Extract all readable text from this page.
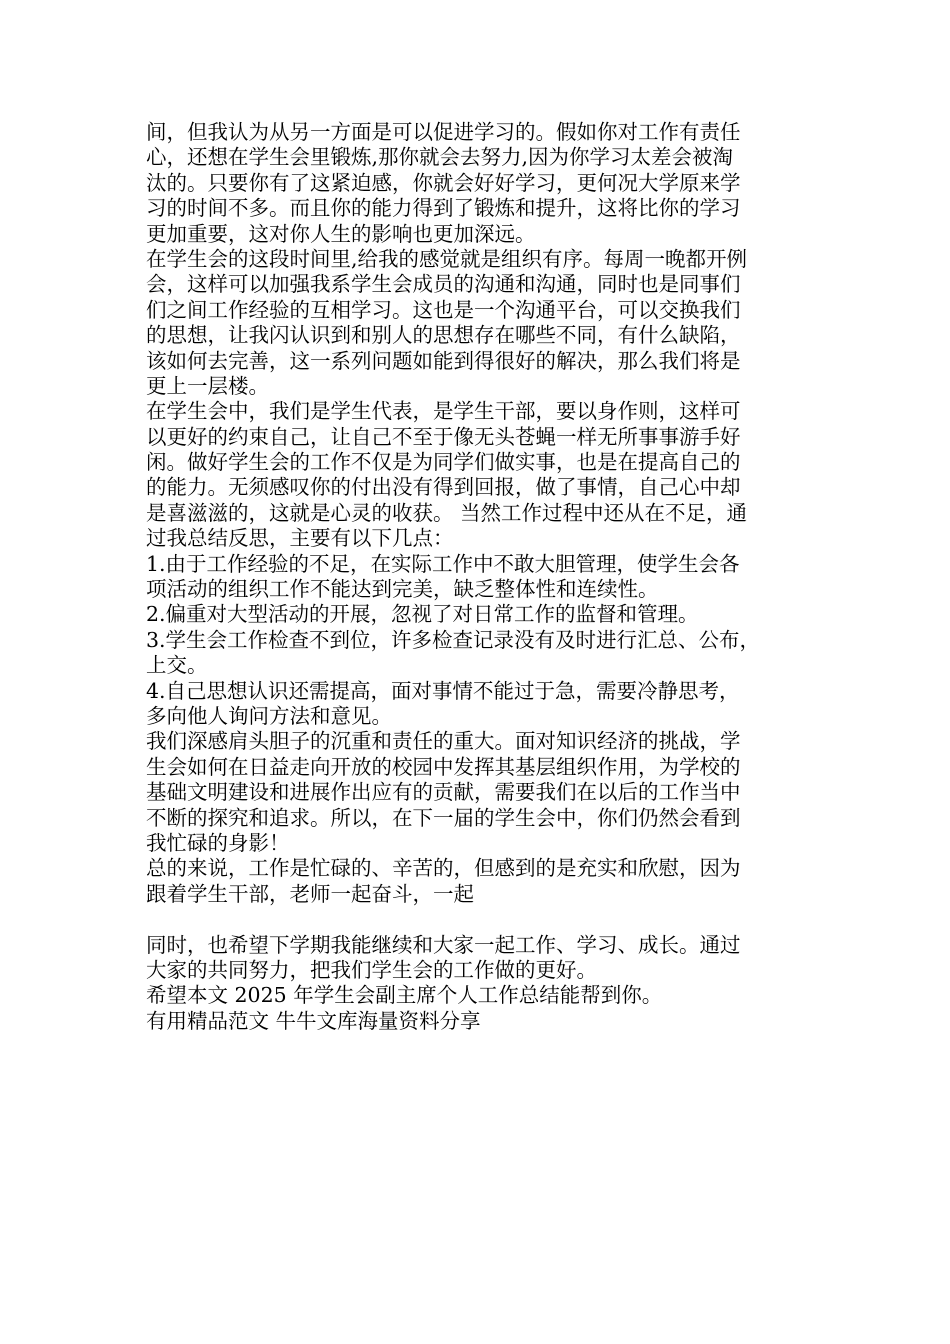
间，但我认为从另一方面是可以促进学习的。假如你对工作有责任
心，还想在学生会里锻炼,那你就会去努力,因为你学习太差会被淘
汰的。只要你有了这紧迫感，你就会好好学习，更何况大学原来学
习的时间不多。而且你的能力得到了锻炼和提升，这将比你的学习
更加重要，这对你人生的影响也更加深远。
在学生会的这段时间里,给我的感觉就是组织有序。每周一晚都开例
会，这样可以加强我系学生会成员的沟通和沟通，同时也是同事们
们之间工作经验的互相学习。这也是一个沟通平台，可以交换我们
的思想，让我闪认识到和别人的思想存在哪些不同，有什么缺陷，
该如何去完善，这一系列问题如能到得很好的解决，那么我们将是
更上一层楼。
在学生会中，我们是学生代表，是学生干部，要以身作则，这样可
以更好的约束自己，让自己不至于像无头苍蝇一样无所事事游手好
闲。做好学生会的工作不仅是为同学们做实事，也是在提高自己的
的能力。无须感叹你的付出没有得到回报，做了事情，自己心中却
是喜滋滋的，这就是心灵的收获。 当然工作过程中还从在不足，通
过我总结反思，主要有以下几点：
1.由于工作经验的不足，在实际工作中不敢大胆管理，使学生会各
项活动的组织工作不能达到完美，缺乏整体性和连续性。
2.偏重对大型活动的开展，忽视了对日常工作的监督和管理。
3.学生会工作检查不到位，许多检查记录没有及时进行汇总、公布，
上交。
4.自己思想认识还需提高，面对事情不能过于急，需要冷静思考，
多向他人询问方法和意见。
我们深感肩头胆子的沉重和责任的重大。面对知识经济的挑战，学
生会如何在日益走向开放的校园中发挥其基层组织作用，为学校的
基础文明建设和进展作出应有的贡献，需要我们在以后的工作当中
不断的探究和追求。所以，在下一届的学生会中，你们仍然会看到
我忙碌的身影！
总的来说，工作是忙碌的、辛苦的，但感到的是充实和欣慰，因为
跟着学生干部，老师一起奋斗，一起
同时，也希望下学期我能继续和大家一起工作、学习、成长。通过
大家的共同努力，把我们学生会的工作做的更好。
希望本文 2025 年学生会副主席个人工作总结能帮到你。
有用精品范文 牛牛文库海量资料分享
